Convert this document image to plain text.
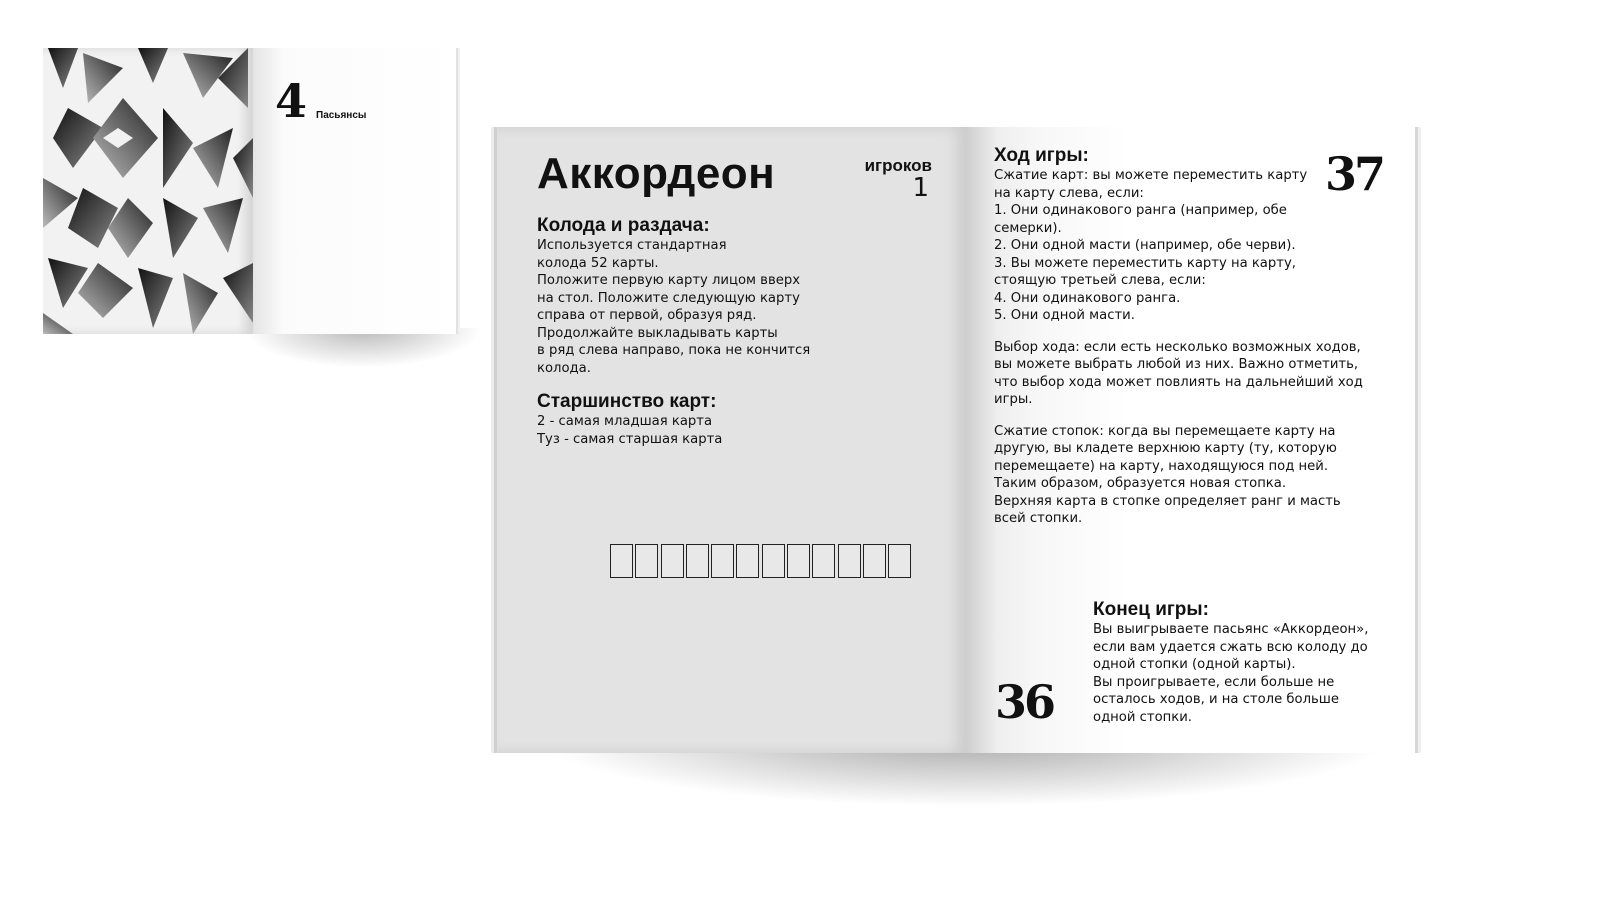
4 Пасьянсы
Аккордеон	игроков
1

Колода и раздача:

Используется стандартная
колода 52 карты.
Положите первую карту лицом вверх
на стол. Положите следующую карту
справа от первой, образуя ряд.
Продолжайте выкладывать карты
в ряд слева направо, пока не кончится
колода.

Старшинство карт:

2 - самая младшая карта
Туз - самая старшая карта

37

Ход игры:

Сжатие карт: вы можете переместить карту
на карту слева, если:
1. Они одинакового ранга (например, обе
семерки).
2. Они одной масти (например, обе черви).
3. Вы можете переместить карту на карту,
стоящую третьей слева, если:
4. Они одинакового ранга.
5. Они одной масти.

Выбор хода: если есть несколько возможных ходов,
вы можете выбрать любой из них. Важно отметить,
что выбор хода может повлиять на дальнейший ход
игры.

Сжатие стопок: когда вы перемещаете карту на
другую, вы кладете верхнюю карту (ту, которую
перемещаете) на карту, находящуюся под ней.
Таким образом, образуется новая стопка.
Верхняя карта в стопке определяет ранг и масть
всей стопки.

Конец игры:

Вы выигрываете пасьянс «Аккордеон»,
если вам удается сжать всю колоду до
одной стопки (одной карты).
Вы проигрываете, если больше не
осталось ходов, и на столе больше
одной стопки.

36
